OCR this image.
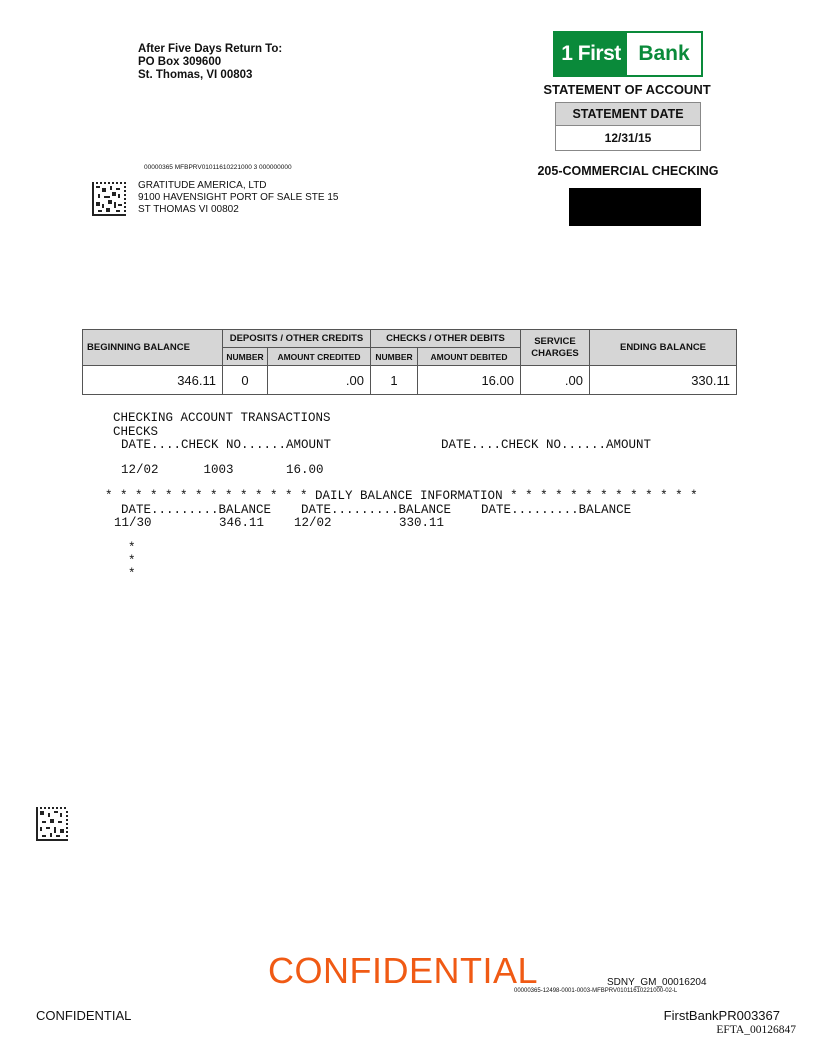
After Five Days Return To:
PO Box 309600
St. Thomas, VI 00803
1 First Bank
STATEMENT OF ACCOUNT
STATEMENT DATE
12/31/15
205-COMMERCIAL CHECKING
00000365 MFBPRV01011610221000 3 000000000
GRATITUDE AMERICA, LTD
9100 HAVENSIGHT PORT OF SALE STE 15
ST THOMAS VI 00802
BEGINNING BALANCE	DEPOSITS / OTHER CREDITS		CHECKS / OTHER DEBITS		SERVICE CHARGES	ENDING BALANCE
	NUMBER	AMOUNT CREDITED	NUMBER	AMOUNT DEBITED		
346.11	0	.00	1	16.00	.00	330.11
CHECKING ACCOUNT TRANSACTIONS
CHECKS
DATE....CHECK NO......AMOUNT	DATE....CHECK NO......AMOUNT
12/02      1003       16.00
* * * * * * * * * * * * * * DAILY BALANCE INFORMATION * * * * * * * * * * * * *
DATE.........BALANCE    DATE.........BALANCE    DATE.........BALANCE
11/30         346.11    12/02         330.11
*
*
*
CONFIDENTIAL	SDNY_GM_00016204
00000365-12498-0001-0003-MFBPRV01011610221000-02-L
CONFIDENTIAL	FirstBankPR003367
EFTA_00126847
